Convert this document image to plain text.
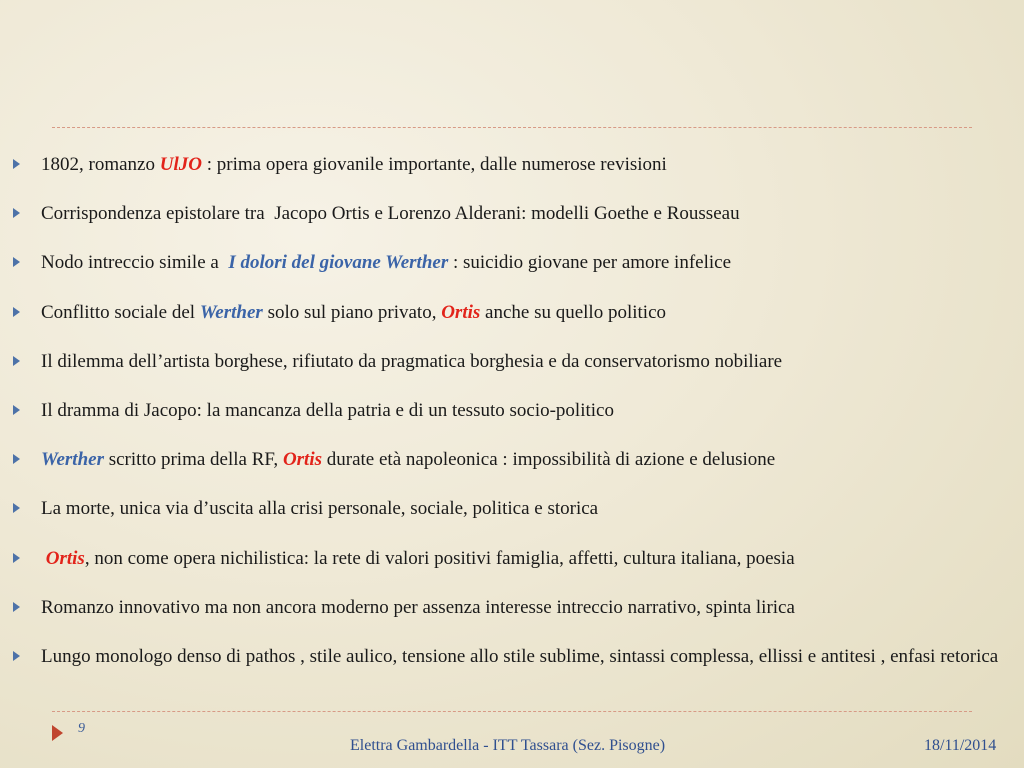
1802, romanzo UlJO : prima opera giovanile importante, dalle numerose revisioni
Corrispondenza epistolare tra  Jacopo Ortis e Lorenzo Alderani: modelli Goethe e Rousseau
Nodo intreccio simile a  I dolori del giovane Werther : suicidio giovane per amore infelice
Conflitto sociale del Werther solo sul piano privato, Ortis anche su quello politico
Il dilemma dell’artista borghese, rifiutato da pragmatica borghesia e da conservatorismo nobiliare
Il dramma di Jacopo: la mancanza della patria e di un tessuto socio-politico
Werther scritto prima della RF, Ortis durate età napoleonica : impossibilità di azione e delusione
La morte, unica via d’uscita alla crisi personale, sociale, politica e storica
Ortis, non come opera nichilistica: la rete di valori positivi famiglia, affetti, cultura italiana, poesia
Romanzo innovativo ma non ancora moderno per assenza interesse intreccio narrativo, spinta lirica
Lungo monologo denso di pathos , stile aulico, tensione allo stile sublime, sintassi complessa, ellissi e antitesi , enfasi retorica
9
Elettra Gambardella - ITT Tassara (Sez. Pisogne)	18/11/2014
